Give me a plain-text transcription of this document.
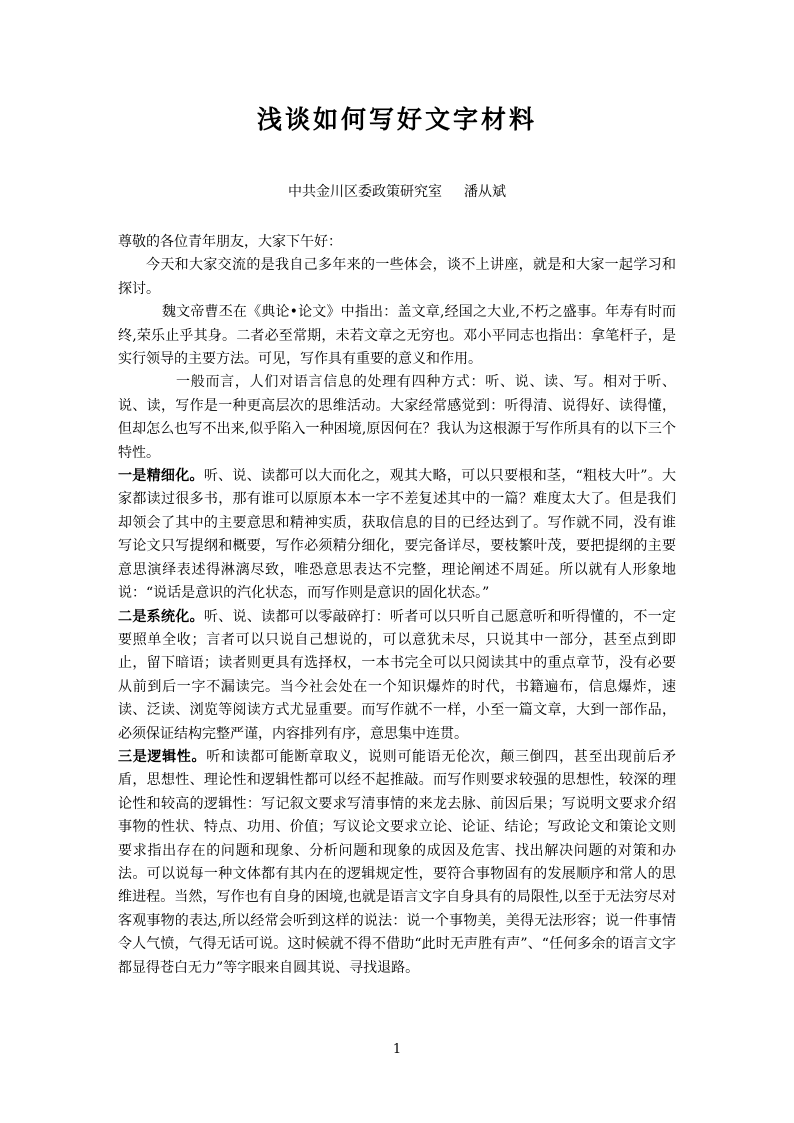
浅谈如何写好文字材料
中共金川区委政策研究室 潘从斌

尊敬的各位青年朋友，大家下午好：

今天和大家交流的是我自己多年来的一些体会，谈不上讲座，就是和大家一起学习和探讨。

魏文帝曹丕在《典论•论文》中指出：盖文章,经国之大业,不朽之盛事。年寿有时而终,荣乐止乎其身。二者必至常期，未若文章之无穷也。邓小平同志也指出：拿笔杆子，是实行领导的主要方法。可见，写作具有重要的意义和作用。

一般而言，人们对语言信息的处理有四种方式：听、说、读、写。相对于听、说、读，写作是一种更高层次的思维活动。大家经常感觉到：听得清、说得好、读得懂，但却怎么也写不出来,似乎陷入一种困境,原因何在？我认为这根源于写作所具有的以下三个特性。

一是精细化。听、说、读都可以大而化之，观其大略，可以只要根和茎，“粗枝大叶”。大家都读过很多书，那有谁可以原原本本一字不差复述其中的一篇？难度太大了。但是我们却领会了其中的主要意思和精神实质，获取信息的目的已经达到了。写作就不同，没有谁写论文只写提纲和概要，写作必须精分细化，要完备详尽，要枝繁叶茂，要把提纲的主要意思演绎表述得淋漓尽致，唯恐意思表达不完整，理论阐述不周延。所以就有人形象地说：“说话是意识的汽化状态，而写作则是意识的固化状态。”

二是系统化。听、说、读都可以零敲碎打：听者可以只听自己愿意听和听得懂的，不一定要照单全收；言者可以只说自己想说的，可以意犹未尽，只说其中一部分，甚至点到即止，留下暗语；读者则更具有选择权，一本书完全可以只阅读其中的重点章节，没有必要从前到后一字不漏读完。当今社会处在一个知识爆炸的时代，书籍遍布，信息爆炸，速读、泛读、浏览等阅读方式尤显重要。而写作就不一样，小至一篇文章，大到一部作品，必须保证结构完整严谨，内容排列有序，意思集中连贯。

三是逻辑性。听和读都可能断章取义，说则可能语无伦次，颠三倒四，甚至出现前后矛盾，思想性、理论性和逻辑性都可以经不起推敲。而写作则要求较强的思想性，较深的理论性和较高的逻辑性：写记叙文要求写清事情的来龙去脉、前因后果；写说明文要求介绍事物的性状、特点、功用、价值；写议论文要求立论、论证、结论；写政论文和策论文则要求指出存在的问题和现象、分析问题和现象的成因及危害、找出解决问题的对策和办法。可以说每一种文体都有其内在的逻辑规定性，要符合事物固有的发展顺序和常人的思维进程。当然，写作也有自身的困境,也就是语言文字自身具有的局限性,以至于无法穷尽对客观事物的表达,所以经常会听到这样的说法：说一个事物美，美得无法形容；说一件事情令人气愤，气得无话可说。这时候就不得不借助“此时无声胜有声”、“任何多余的语言文字都显得苍白无力”等字眼来自圆其说、寻找退路。

1
